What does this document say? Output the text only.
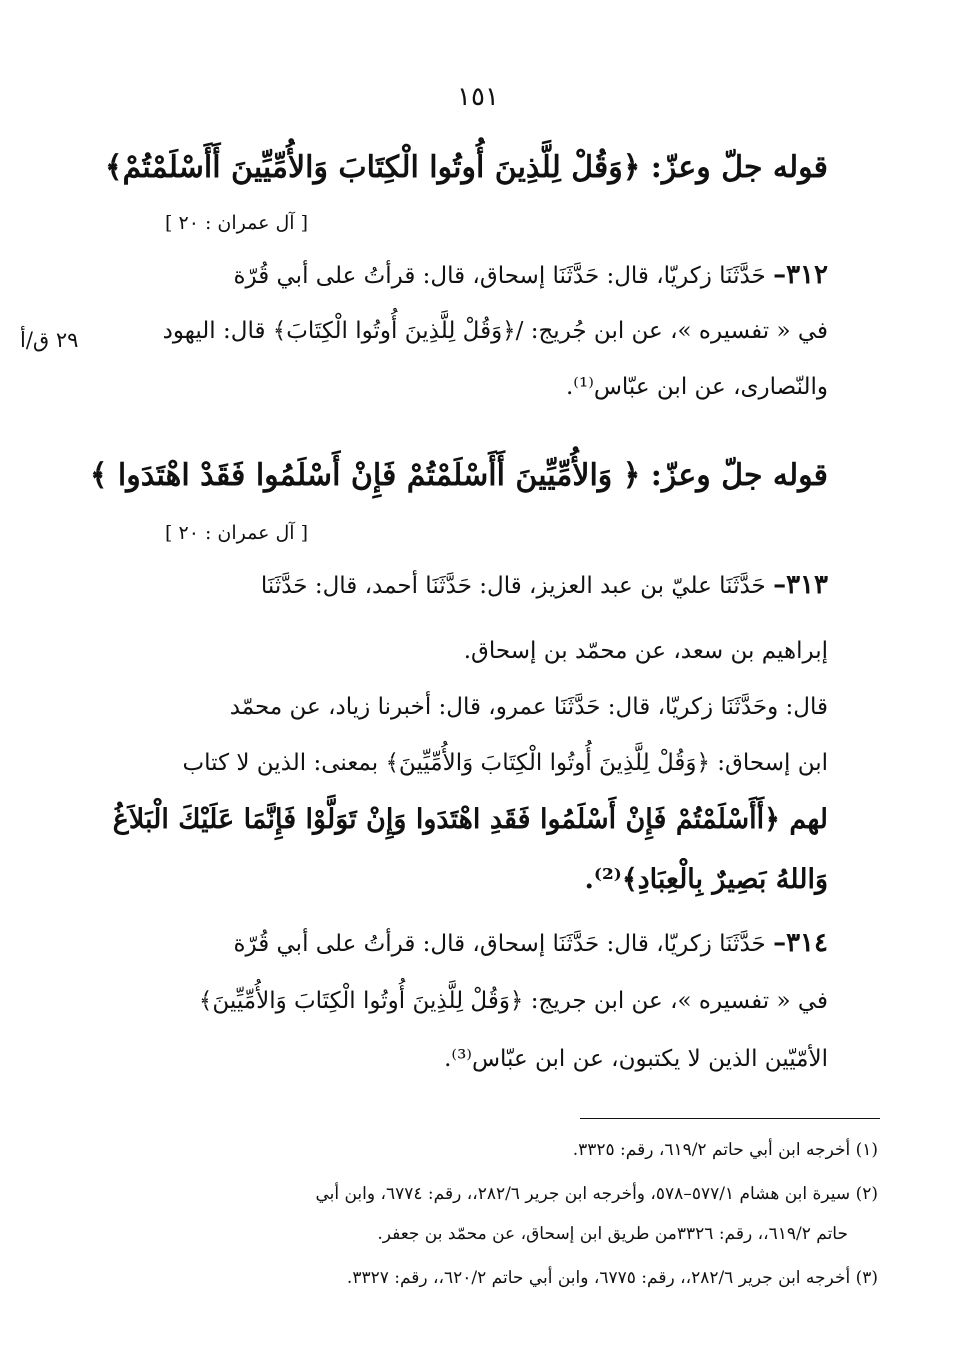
١٥١
قوله جلّ وعزّ: ﴿وَقُلْ لِلَّذِينَ أُوتُوا الْكِتَابَ وَالأُمِّيِّينَ أَأَسْلَمْتُمْ﴾
[ آل عمران : ٢٠ ]
٣١٢– حَدَّثَنَا زكريّا، قال: حَدَّثَنَا إسحاق، قال: قرأتُ على أبي قُرّة
في « تفسيره »، عن ابن جُريج: /﴿وَقُلْ لِلَّذِينَ أُوتُوا الْكِتَابَ﴾ قال: اليهود
والنّصارى، عن ابن عبّاس⁽¹⁾.
٢٩ ق/أ
قوله جلّ وعزّ: ﴿ وَالأُمِّيِّينَ أَأَسْلَمْتُمْ فَإِنْ أَسْلَمُوا فَقَدْ اهْتَدَوا ﴾
[ آل عمران : ٢٠ ]
٣١٣– حَدَّثَنَا عليّ بن عبد العزيز، قال: حَدَّثَنَا أحمد، قال: حَدَّثَنَا
إبراهيم بن سعد، عن محمّد بن إسحاق.
قال: وحَدَّثَنَا زكريّا، قال: حَدَّثَنَا عمرو، قال: أخبرنا زياد، عن محمّد
ابن إسحاق: ﴿وَقُلْ لِلَّذِينَ أُوتُوا الْكِتَابَ وَالأُمِّيِّينَ﴾ بمعنى: الذين لا كتاب
لهم ﴿أَأَسْلَمْتُمْ فَإِنْ أَسْلَمُوا فَقَدِ اهْتَدَوا وَإِنْ تَوَلَّوْا فَإِنَّمَا عَلَيْكَ الْبَلاَغُ
وَاللهُ بَصِيرٌ بِالْعِبَادِ﴾⁽²⁾.
٣١٤– حَدَّثَنَا زكريّا، قال: حَدَّثَنَا إسحاق، قال: قرأتُ على أبي قُرّة
في « تفسيره »، عن ابن جريج: ﴿وَقُلْ لِلَّذِينَ أُوتُوا الْكِتَابَ وَالأُمِّيِّينَ﴾
الأمّيّين الذين لا يكتبون، عن ابن عبّاس⁽³⁾.
(١) أخرجه ابن أبي حاتم ٦١٩/٢، رقم: ٣٣٢٥.
(٢) سيرة ابن هشام ٥٧٧/١–٥٧٨، وأخرجه ابن جرير ٢٨٢/٦،، رقم: ٦٧٧٤، وابن أبي
حاتم ٦١٩/٢،، رقم: ٣٣٢٦من طريق ابن إسحاق، عن محمّد بن جعفر.
(٣) أخرجه ابن جرير ٢٨٢/٦،، رقم: ٦٧٧٥، وابن أبي حاتم ٦٢٠/٢،، رقم: ٣٣٢٧.
